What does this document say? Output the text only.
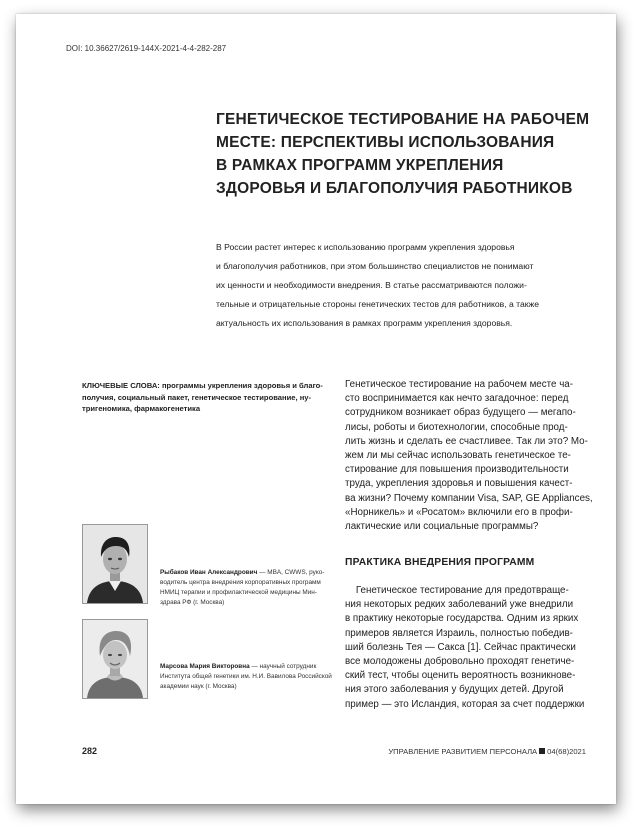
DOI: 10.36627/2619-144X-2021-4-4-282-287
ГЕНЕТИЧЕСКОЕ ТЕСТИРОВАНИЕ НА РАБОЧЕМ
МЕСТЕ: ПЕРСПЕКТИВЫ ИСПОЛЬЗОВАНИЯ
В РАМКАХ ПРОГРАММ УКРЕПЛЕНИЯ
ЗДОРОВЬЯ И БЛАГОПОЛУЧИЯ РАБОТНИКОВ

В России растет интерес к использованию программ укрепления здоровья
и благополучия работников, при этом большинство специалистов не понимают
их ценности и необходимости внедрения. В статье рассматриваются положи-
тельные и отрицательные стороны генетических тестов для работников, а также
актуальность их использования в рамках программ укрепления здоровья.

КЛЮЧЕВЫЕ СЛОВА: программы укрепления здоровья и благо-
получия, социальный пакет, генетическое тестирование, ну-
тригеномика, фармакогенетика

Генетическое тестирование на рабочем месте ча-
сто воспринимается как нечто загадочное: перед
сотрудником возникает образ будущего — мегапо-
лисы, роботы и биотехнологии, способные прод-
лить жизнь и сделать ее счастливее. Так ли это? Мо-
жем ли мы сейчас использовать генетическое те-
стирование для повышения производительности
труда, укрепления здоровья и повышения качест-
ва жизни? Почему компании Visa, SAP, GE Appliances,
«Норникель» и «Росатом» включили его в профи-
лактические или социальные программы?

ПРАКТИКА ВНЕДРЕНИЯ ПРОГРАММ

Генетическое тестирование для предотвраще-
ния некоторых редких заболеваний уже внедрили
в практику некоторые государства. Одним из ярких
примеров является Израиль, полностью победив-
ший болезнь Тея — Сакса [1]. Сейчас практически
все молодожены добровольно проходят генетиче-
ский тест, чтобы оценить вероятность возникнове-
ния этого заболевания у будущих детей. Другой
пример — это Исландия, которая за счет поддержки

Рыбаков Иван Александрович — MBA, CWWS, руко-
водитель центра внедрения корпоративных программ
НМИЦ терапии и профилактической медицины Мин-
здрава РФ (г. Москва)

Марсова Мария Викторовна — научный сотрудник
Института общей генетики им. Н.И. Вавилова Российской
академии наук (г. Москва)

282	УПРАВЛЕНИЕ РАЗВИТИЕМ ПЕРСОНАЛА 04(68)2021
